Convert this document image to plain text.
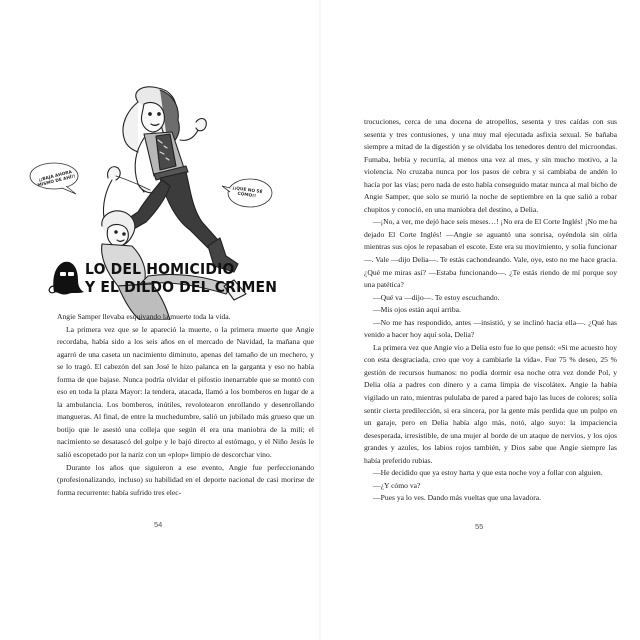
¡¡BAJA AHORA MISMO DE AHÍ!!
¡¡QUE NO SÉ CÓMO!!
LO DEL HOMICIDIO
Y EL DILDO DEL CRIMEN

Angie Samper llevaba esquivando la muerte toda la vida.

La primera vez que se le apareció la muerte, o la primera muerte que Angie recordaba, había sido a los seis años en el mercado de Navidad, la mañana que agarró de una caseta un nacimiento diminuto, apenas del tamaño de un mechero, y se lo tragó. El cabezón del san José le hizo palanca en la garganta y eso no había forma de que bajase. Nunca podría olvidar el pifostio inenarrable que se montó con eso en toda la plaza Mayor: la tendera, atacada, llamó a los bomberos en lugar de a la ambulancia. Los bomberos, inútiles, revolotearon enrollando y desenrollando mangueras. Al final, de entre la muchedumbre, salió un jubilado más grueso que un botijo que le asestó una colleja que según él era una maniobra de la mili; el nacimiento se desatascó del golpe y le bajó directo al estómago, y el Niño Jesús le salió escopetado por la nariz con un «plop» limpio de descorchar vino.

Durante los años que siguieron a ese evento, Angie fue perfeccionando (profesionalizando, incluso) su habilidad en el deporte nacional de casi morirse de forma recurrente: había sufrido tres elec-

54

trocuciones, cerca de una docena de atropellos, sesenta y tres caídas con sus sesenta y tres contusiones, y una muy mal ejecutada asfixia sexual. Se bañaba siempre a mitad de la digestión y se olvidaba los tenedores dentro del microondas. Fumaba, bebía y recurría, al menos una vez al mes, y sin mucho motivo, a la violencia. No cruzaba nunca por los pasos de cebra y si cambiaba de andén lo hacía por las vías; pero nada de esto había conseguido matar nunca al mal bicho de Angie Samper, que solo se murió la noche de septiembre en la que salió a robar chupitos y conoció, en una maniobra del destino, a Delia.

—¡No, a ver, me dejó hace seis meses…! ¡No era de El Corte Inglés! ¡No me ha dejado El Corte Inglés! —Angie se aguantó una sonrisa, oyéndola sin oírla mientras sus ojos le repasaban el escote. Este era su movimiento, y solía funcionar—. Vale —dijo Delia—. Te estás cachondeando. Vale, oye, esto no me hace gracia. ¿Qué me miras así? —Estaba funcionando—. ¿Te estás riendo de mí porque soy una patética?

—Qué va —dijo—. Te estoy escuchando.

—Mis ojos están aquí arriba.

—No me has respondido, antes —insistió, y se inclinó hacia ella—. ¿Qué has venido a hacer hoy aquí sola, Delia?

La primera vez que Angie vio a Delia esto fue lo que pensó: «Si me acuesto hoy con esta desgraciada, creo que voy a cambiarle la vida». Fue 75 % deseo, 25 % gestión de recursos humanos: no podía dormir esa noche otra vez donde Pol, y Delia olía a padres con dinero y a cama limpia de viscolátex. Angie la había vigilado un rato, mientras pululaba de pared a pared bajo las luces de colores; solía sentir cierta predilección, si era sincera, por la gente más perdida que un pulpo en un garaje, pero en Delia había algo más, notó, algo suyo: la impaciencia desesperada, irresistible, de una mujer al borde de un ataque de nervios, y los ojos grandes y azules, los labios rojos también, y Dios sabe que Angie siempre las había preferido rubias.

—He decidido que ya estoy harta y que esta noche voy a follar con alguien.

—¿Y cómo va?

—Pues ya lo ves. Dando más vueltas que una lavadora.

55
